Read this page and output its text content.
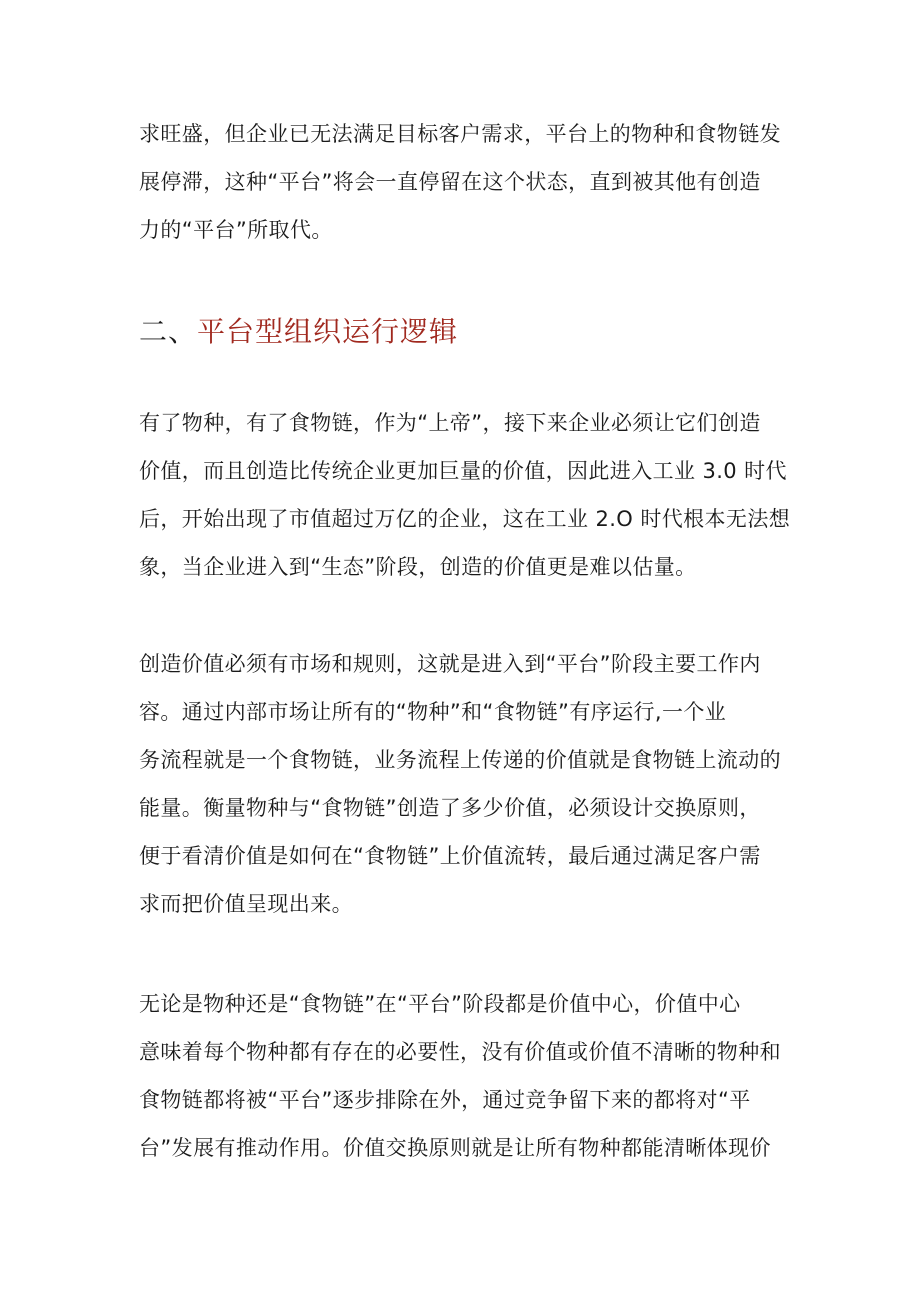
求旺盛，但企业已无法满足目标客户需求，平台上的物种和食物链发
展停滞，这种“平台”将会一直停留在这个状态，直到被其他有创造
力的“平台”所取代。

二、平台型组织运行逻辑

有了物种，有了食物链，作为“上帝”，接下来企业必须让它们创造
价值，而且创造比传统企业更加巨量的价值，因此进入工业 3.0 时代
后，开始出现了市值超过万亿的企业，这在工业 2.O 时代根本无法想
象，当企业进入到“生态”阶段，创造的价值更是难以估量。

创造价值必须有市场和规则，这就是进入到“平台”阶段主要工作内
容。通过内部市场让所有的“物种”和“食物链”有序运行,一个业
务流程就是一个食物链，业务流程上传递的价值就是食物链上流动的
能量。衡量物种与“食物链”创造了多少价值，必须设计交换原则，
便于看清价值是如何在“食物链”上价值流转，最后通过满足客户需
求而把价值呈现出来。

无论是物种还是“食物链”在“平台”阶段都是价值中心，价值中心
意味着每个物种都有存在的必要性，没有价值或价值不清晰的物种和
食物链都将被“平台”逐步排除在外，通过竞争留下来的都将对“平
台”发展有推动作用。价值交换原则就是让所有物种都能清晰体现价
